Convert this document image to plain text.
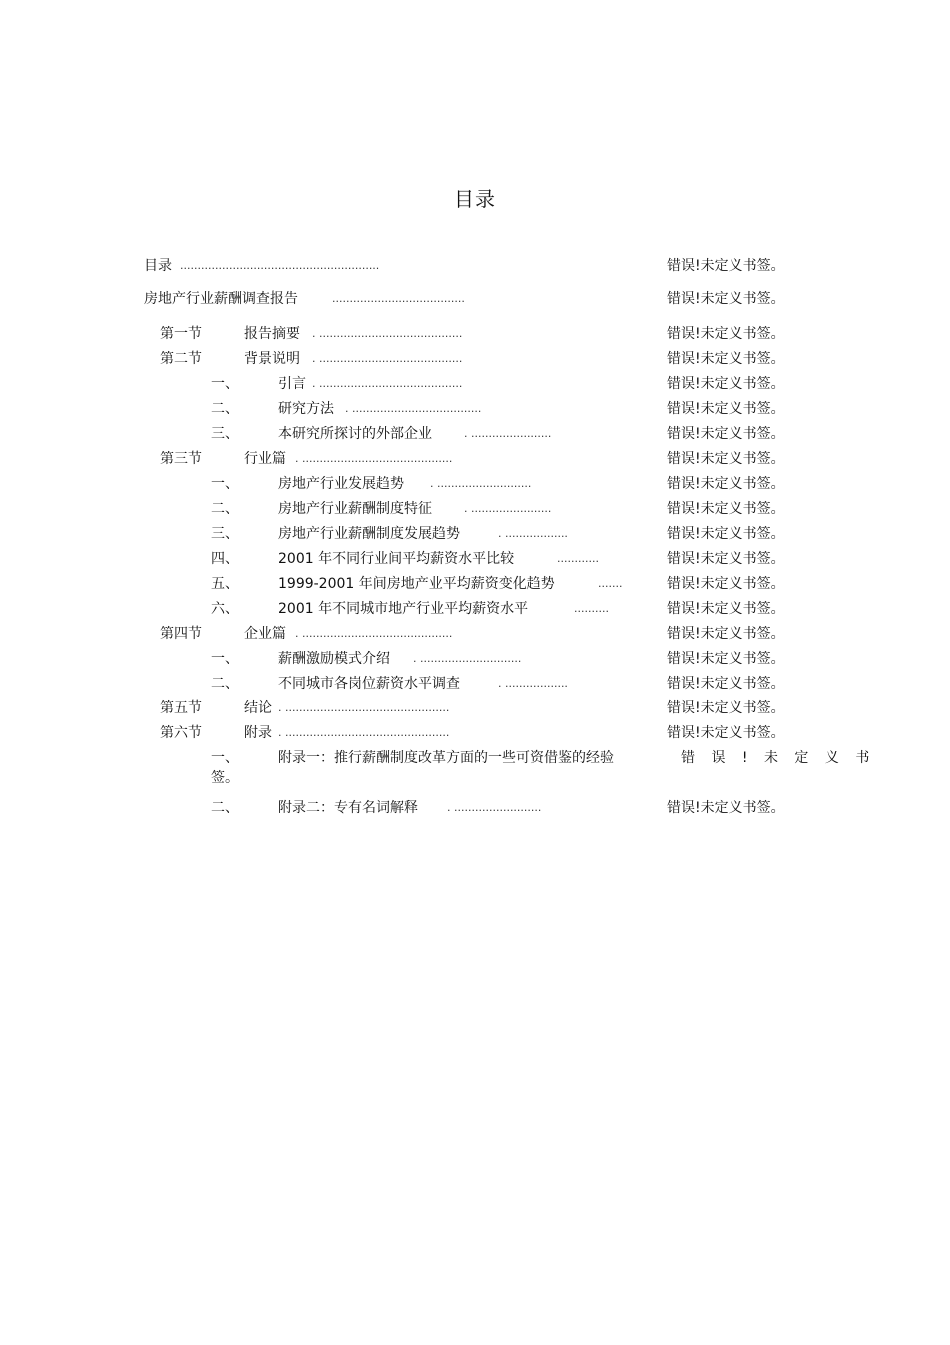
目录
目录 .........................................................	错误!未定义书签。
房地产行业薪酬调查报告	......................................	错误!未定义书签。
第一节	报告摘要 . .........................................	错误!未定义书签。
第二节	背景说明 . .........................................	错误!未定义书签。
一、	引言 . .........................................	错误!未定义书签。
二、	研究方法 . .....................................	错误!未定义书签。
三、	本研究所探讨的外部企业	. .......................	错误!未定义书签。
第三节	行业篇 . ...........................................	错误!未定义书签。
一、	房地产行业发展趋势 . ...........................	错误!未定义书签。
二、	房地产行业薪酬制度特征	. .......................	错误!未定义书签。
三、	房地产行业薪酬制度发展趋势	. ..................	错误!未定义书签。
四、	2001 年不同行业间平均薪资水平比较	............	错误!未定义书签。
五、	1999-2001 年间房地产业平均薪资变化趋势	.......	错误!未定义书签。
六、	2001 年不同城市地产行业平均薪资水平	..........	错误!未定义书签。
第四节	企业篇 . ...........................................	错误!未定义书签。
一、	薪酬激励模式介绍 . .............................	错误!未定义书签。
二、	不同城市各岗位薪资水平调查	. ..................	错误!未定义书签。
第五节	结论 . ...............................................	错误!未定义书签。
第六节	附录 . ...............................................	错误!未定义书签。
一、	附录一：推行薪酬制度改革方面的一些可资借鉴的经验	错 误 ! 未 定 义 书
签。
二、	附录二：专有名词解释	. .........................	错误!未定义书签。
